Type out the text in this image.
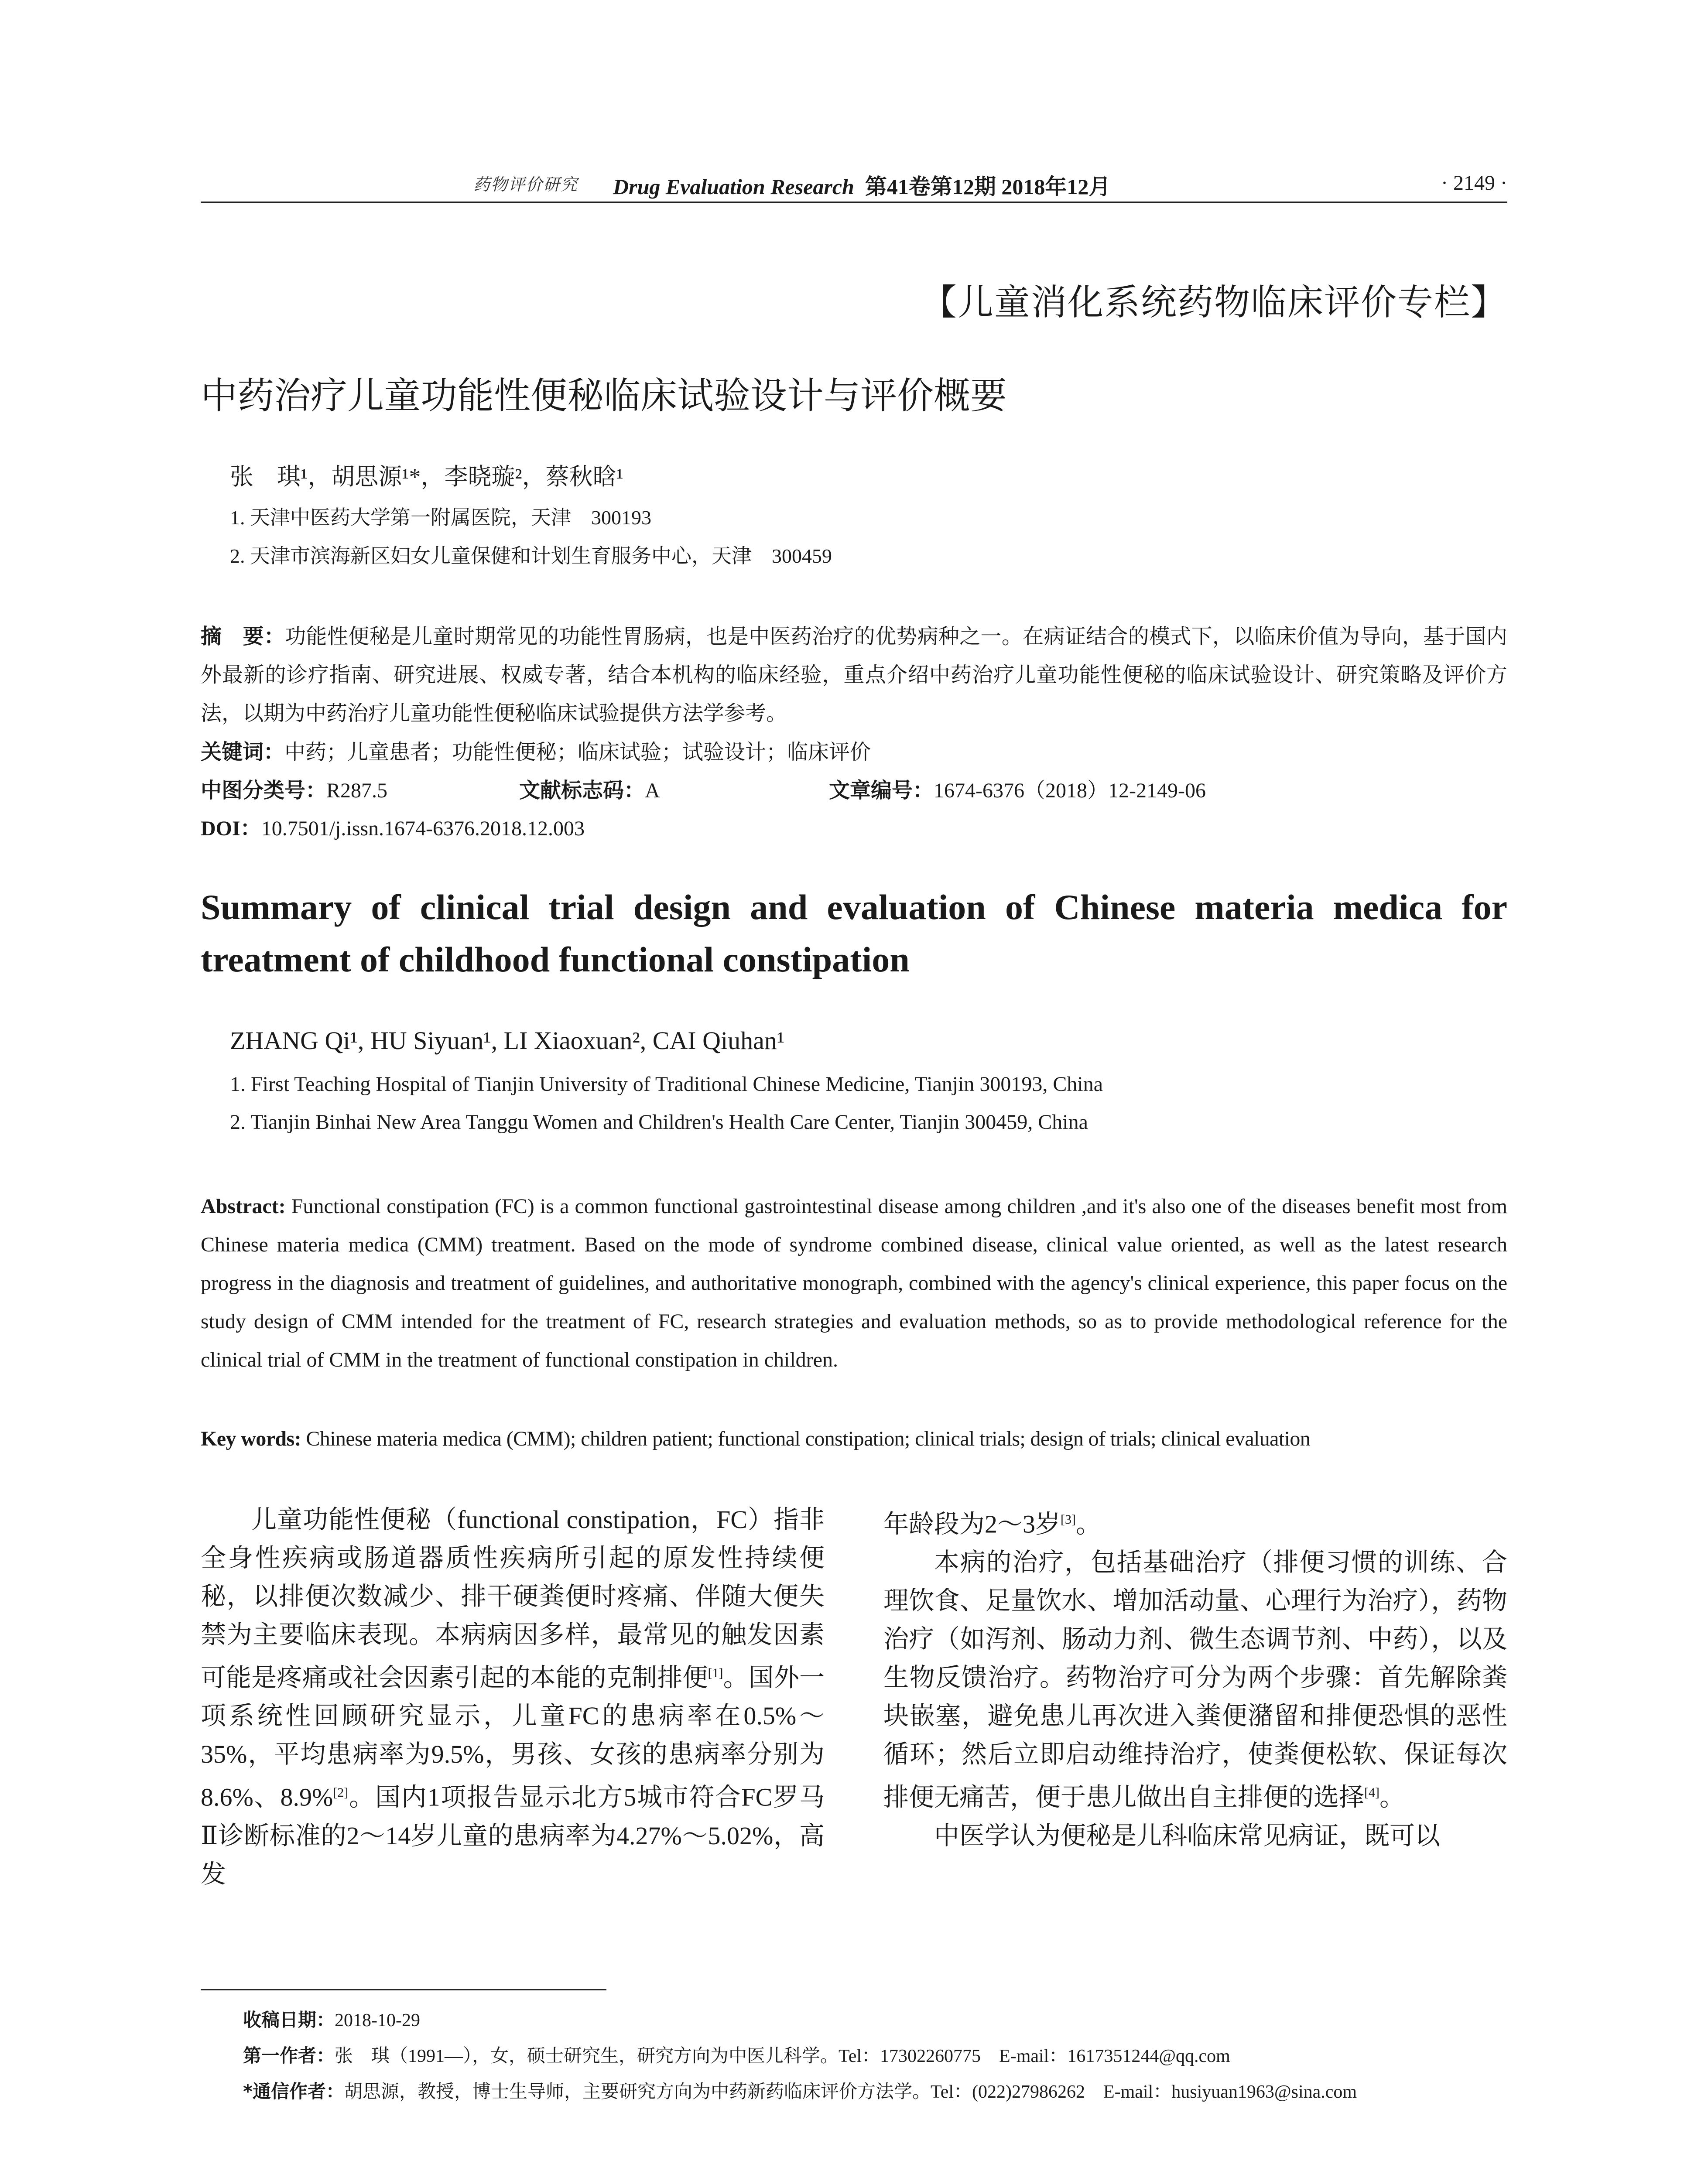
药物评价研究 Drug Evaluation Research 第41卷第12期 2018年12月	· 2149 ·
【儿童消化系统药物临床评价专栏】
中药治疗儿童功能性便秘临床试验设计与评价概要
张　琪¹，胡思源¹*，李晓璇²，蔡秋晗¹
1. 天津中医药大学第一附属医院，天津　300193
2. 天津市滨海新区妇女儿童保健和计划生育服务中心，天津　300459
摘　要：功能性便秘是儿童时期常见的功能性胃肠病，也是中医药治疗的优势病种之一。在病证结合的模式下，以临床价值为导向，基于国内外最新的诊疗指南、研究进展、权威专著，结合本机构的临床经验，重点介绍中药治疗儿童功能性便秘的临床试验设计、研究策略及评价方法，以期为中药治疗儿童功能性便秘临床试验提供方法学参考。
关键词：中药；儿童患者；功能性便秘；临床试验；试验设计；临床评价
中图分类号：R287.5	文献标志码：A	文章编号：1674-6376（2018）12-2149-06
DOI：10.7501/j.issn.1674-6376.2018.12.003
Summary of clinical trial design and evaluation of Chinese materia medica for treatment of childhood functional constipation
ZHANG Qi¹, HU Siyuan¹, LI Xiaoxuan², CAI Qiuhan¹
1. First Teaching Hospital of Tianjin University of Traditional Chinese Medicine, Tianjin 300193, China
2. Tianjin Binhai New Area Tanggu Women and Children's Health Care Center, Tianjin 300459, China
Abstract: Functional constipation (FC) is a common functional gastrointestinal disease among children ,and it's also one of the diseases benefit most from Chinese materia medica (CMM) treatment. Based on the mode of syndrome combined disease, clinical value oriented, as well as the latest research progress in the diagnosis and treatment of guidelines, and authoritative monograph, combined with the agency's clinical experience, this paper focus on the study design of CMM intended for the treatment of FC, research strategies and evaluation methods, so as to provide methodological reference for the clinical trial of CMM in the treatment of functional constipation in children.
Key words: Chinese materia medica (CMM); children patient; functional constipation; clinical trials; design of trials; clinical evaluation

儿童功能性便秘（functional constipation，FC）指非全身性疾病或肠道器质性疾病所引起的原发性持续便秘，以排便次数减少、排干硬粪便时疼痛、伴随大便失禁为主要临床表现。本病病因多样，最常见的触发因素可能是疼痛或社会因素引起的本能的克制排便[1]。国外一项系统性回顾研究显示，儿童FC的患病率在0.5%～35%，平均患病率为9.5%，男孩、女孩的患病率分别为8.6%、8.9%[2]。国内1项报告显示北方5城市符合FC罗马Ⅱ诊断标准的2～14岁儿童的患病率为4.27%～5.02%，高发

年龄段为2～3岁[3]。

本病的治疗，包括基础治疗（排便习惯的训练、合理饮食、足量饮水、增加活动量、心理行为治疗），药物治疗（如泻剂、肠动力剂、微生态调节剂、中药），以及生物反馈治疗。药物治疗可分为两个步骤：首先解除粪块嵌塞，避免患儿再次进入粪便潴留和排便恐惧的恶性循环；然后立即启动维持治疗，使粪便松软、保证每次排便无痛苦，便于患儿做出自主排便的选择[4]。

中医学认为便秘是儿科临床常见病证，既可以

收稿日期：2018-10-29
第一作者：张　琪（1991—），女，硕士研究生，研究方向为中医儿科学。Tel：17302260775　E-mail：1617351244@qq.com
*通信作者：胡思源，教授，博士生导师，主要研究方向为中药新药临床评价方法学。Tel：(022)27986262　E-mail：husiyuan1963@sina.com
